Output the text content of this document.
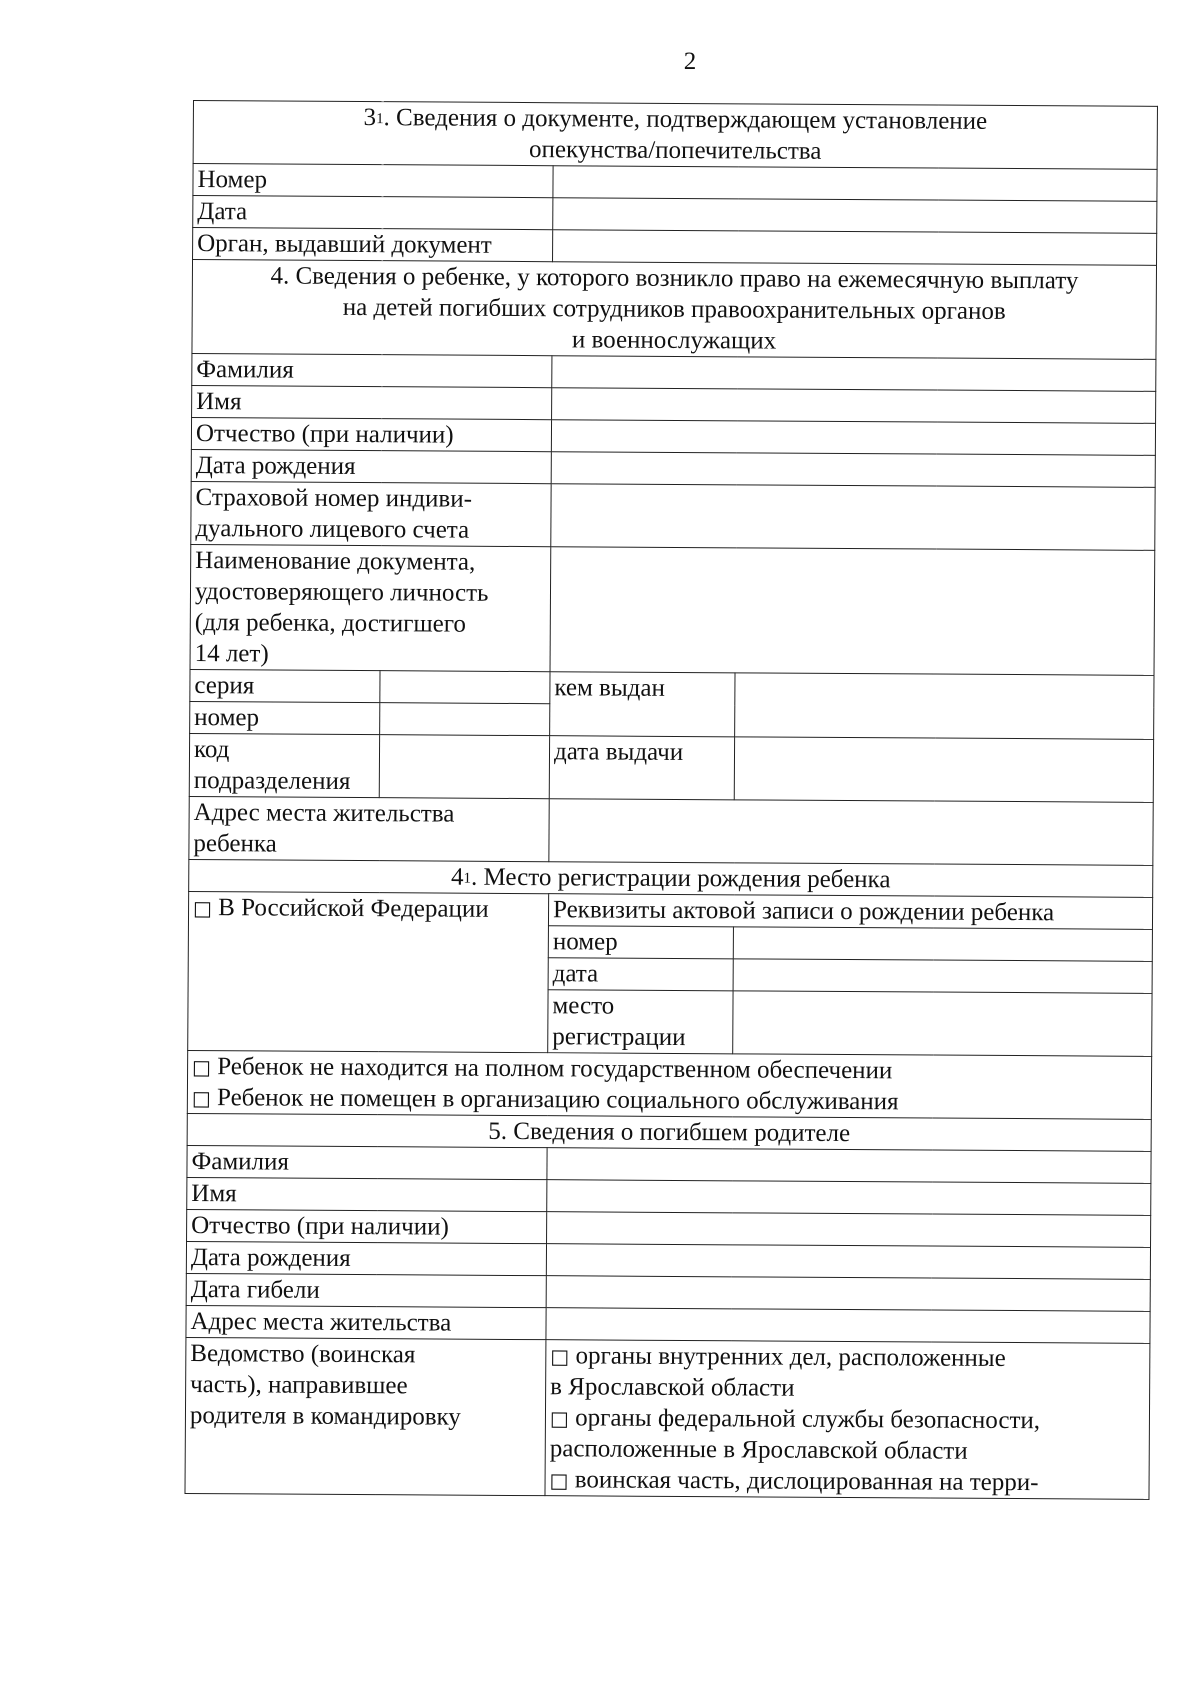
2
$3^1$. Сведения о документе, подтверждающем установление
опекунства/попечительства			
Номер			
Дата			
Орган, выдавший документ			

4. Сведения о ребенке, у которого возникло право на ежемесячную выплату
на детей погибших сотрудников правоохранительных органов
и военнослужащих			

Фамилия			
Имя			
Отчество (при наличии)			
Дата рождения			

Страховой номер индиви-
дуального лицевого счета			

Наименование документа,
удостоверяющего личность
(для ребенка, достигшего
14 лет)			

серия		кем выдан	
номер			

код
подразделения		дата выдачи	

Адрес места жительства
ребенка			

$4^1$. Место регистрации рождения ребенка			
□ В Российской Федерации		Реквизиты актовой записи о рождении ребенка	
		номер	
		дата	

		место
регистрации	

□ Ребенок не находится на полном государственном обеспечении
□ Ребенок не помещен в организацию социального обслуживания			

5. Сведения о погибшем родителе			
Фамилия			
Имя			
Отчество (при наличии)			
Дата рождения			
Дата гибели			
Адрес места жительства			

Ведомство (воинская
часть), направившее
родителя в командировку		□ органы внутренних дел, расположенные
в Ярославской области
□ органы федеральной службы безопасности,
расположенные в Ярославской области
□ воинская часть, дислоцированная на терри-	
